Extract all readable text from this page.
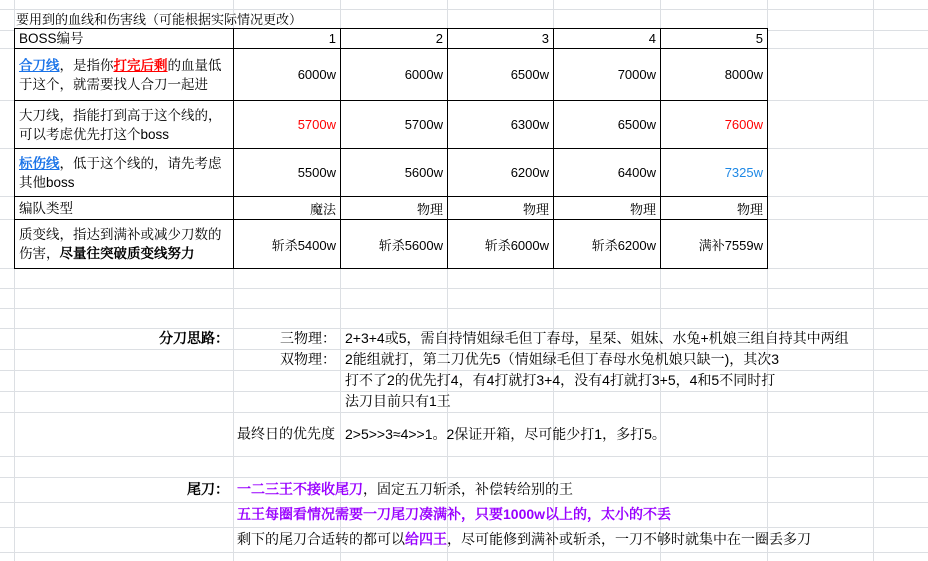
要用到的血线和伤害线（可能根据实际情况更改）
BOSS编号	1	2	3	4	5
合刀线，是指你打完后剩的血量低于这个，就需要找人合刀一起进	6000w	6000w	6500w	7000w	8000w
大刀线，指能打到高于这个线的，可以考虑优先打这个boss	5700w	5700w	6300w	6500w	7600w
标伤线，低于这个线的，请先考虑其他boss	5500w	5600w	6200w	6400w	7325w
编队类型	魔法	物理	物理	物理	物理
质变线，指达到满补或减少刀数的伤害，尽量往突破质变线努力	斩杀5400w	斩杀5600w	斩杀6000w	斩杀6200w	满补7559w
分刀思路：	三物理： 2+3+4或5，需自持情姐绿毛但丁春母，星栞、姐妹、水兔+机娘三组自持其中两组
双物理： 2能组就打，第二刀优先5（情姐绿毛但丁春母水兔机娘只缺一)，其次3
打不了2的优先打4，有4打就打3+4，没有4打就打3+5，4和5不同时打
法刀目前只有1王
最终日的优先度 2>5>>3≈4>>1。2保证开箱，尽可能少打1，多打5。
尾刀： 一二三王不接收尾刀，固定五刀斩杀，补偿转给别的王
五王每圈看情况需要一刀尾刀凑满补，只要1000w以上的，太小的不丢
剩下的尾刀合适转的都可以给四王，尽可能修到满补或斩杀，一刀不够时就集中在一圈丢多刀
